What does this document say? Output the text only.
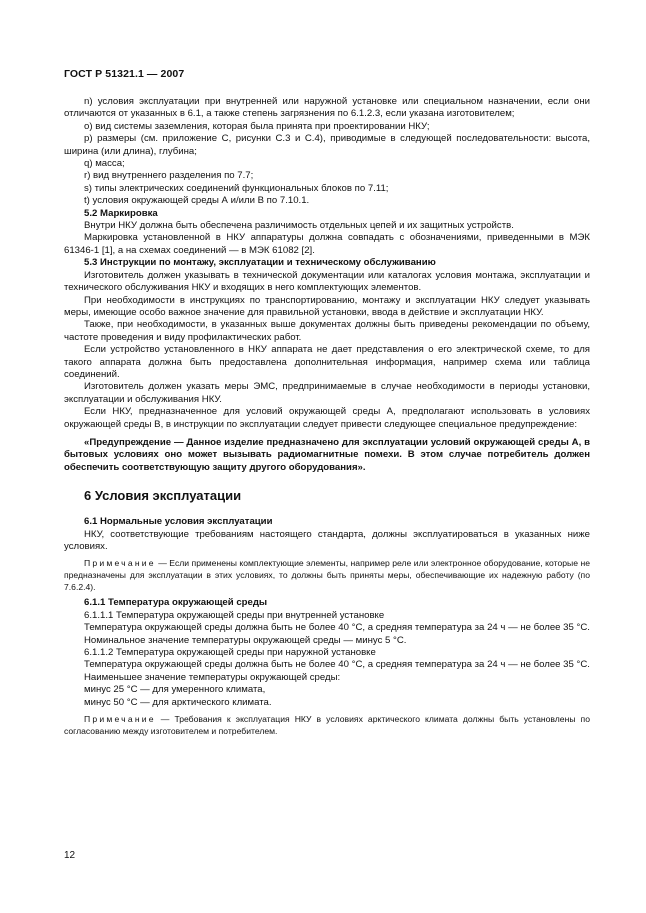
ГОСТ Р 51321.1 — 2007

n) условия эксплуатации при внутренней или наружной установке или специальном назначении, если они отличаются от указанных в 6.1, а также степень загрязнения по 6.1.2.3, если указана изготовителем;

о) вид системы заземления, которая была принята при проектировании НКУ;

р) размеры (см. приложение С, рисунки С.3 и С.4), приводимые в следующей последовательности: высота, ширина (или длина), глубина;

q) масса;

r) вид внутреннего разделения по 7.7;

s) типы электрических соединений функциональных блоков по 7.11;

t) условия окружающей среды А и/или В по 7.10.1.

5.2 Маркировка

Внутри НКУ должна быть обеспечена различимость отдельных цепей и их защитных устройств.

Маркировка установленной в НКУ аппаратуры должна совпадать с обозначениями, приведенными в МЭК 61346-1 [1], а на схемах соединений — в МЭК 61082 [2].

5.3 Инструкции по монтажу, эксплуатации и техническому обслуживанию

Изготовитель должен указывать в технической документации или каталогах условия монтажа, эксплуатации и технического обслуживания НКУ и входящих в него комплектующих элементов.

При необходимости в инструкциях по транспортированию, монтажу и эксплуатации НКУ следует указывать меры, имеющие особо важное значение для правильной установки, ввода в действие и эксплуатации НКУ.

Также, при необходимости, в указанных выше документах должны быть приведены рекомендации по объему, частоте проведения и виду профилактических работ.

Если устройство установленного в НКУ аппарата не дает представления о его электрической схеме, то для такого аппарата должна быть предоставлена дополнительная информация, например схема или таблица соединений.

Изготовитель должен указать меры ЭМС, предпринимаемые в случае необходимости в периоды установки, эксплуатации и обслуживания НКУ.

Если НКУ, предназначенное для условий окружающей среды А, предполагают использовать в условиях окружающей среды В, в инструкции по эксплуатации следует привести следующее специальное предупреждение:

«Предупреждение — Данное изделие предназначено для эксплуатации условий окружающей среды А, в бытовых условиях оно может вызывать радиомагнитные помехи. В этом случае потребитель должен обеспечить соответствующую защиту другого оборудования».

6 Условия эксплуатации

6.1 Нормальные условия эксплуатации

НКУ, соответствующие требованиям настоящего стандарта, должны эксплуатироваться в указанных ниже условиях.

Примечание — Если применены комплектующие элементы, например реле или электронное оборудование, которые не предназначены для эксплуатации в этих условиях, то должны быть приняты меры, обеспечивающие их надежную работу (по 7.6.2.4).

6.1.1 Температура окружающей среды

6.1.1.1 Температура окружающей среды при внутренней установке

Температура окружающей среды должна быть не более 40 °С, а средняя температура за 24 ч — не более 35 °С.

Номинальное значение температуры окружающей среды — минус 5 °С.

6.1.1.2 Температура окружающей среды при наружной установке

Температура окружающей среды должна быть не более 40 °С, а средняя температура за 24 ч — не более 35 °С.

Наименьшее значение температуры окружающей среды:

минус 25 °С — для умеренного климата,

минус 50 °С — для арктического климата.

Примечание — Требования к эксплуатация НКУ в условиях арктического климата должны быть установлены по согласованию между изготовителем и потребителем.

12
